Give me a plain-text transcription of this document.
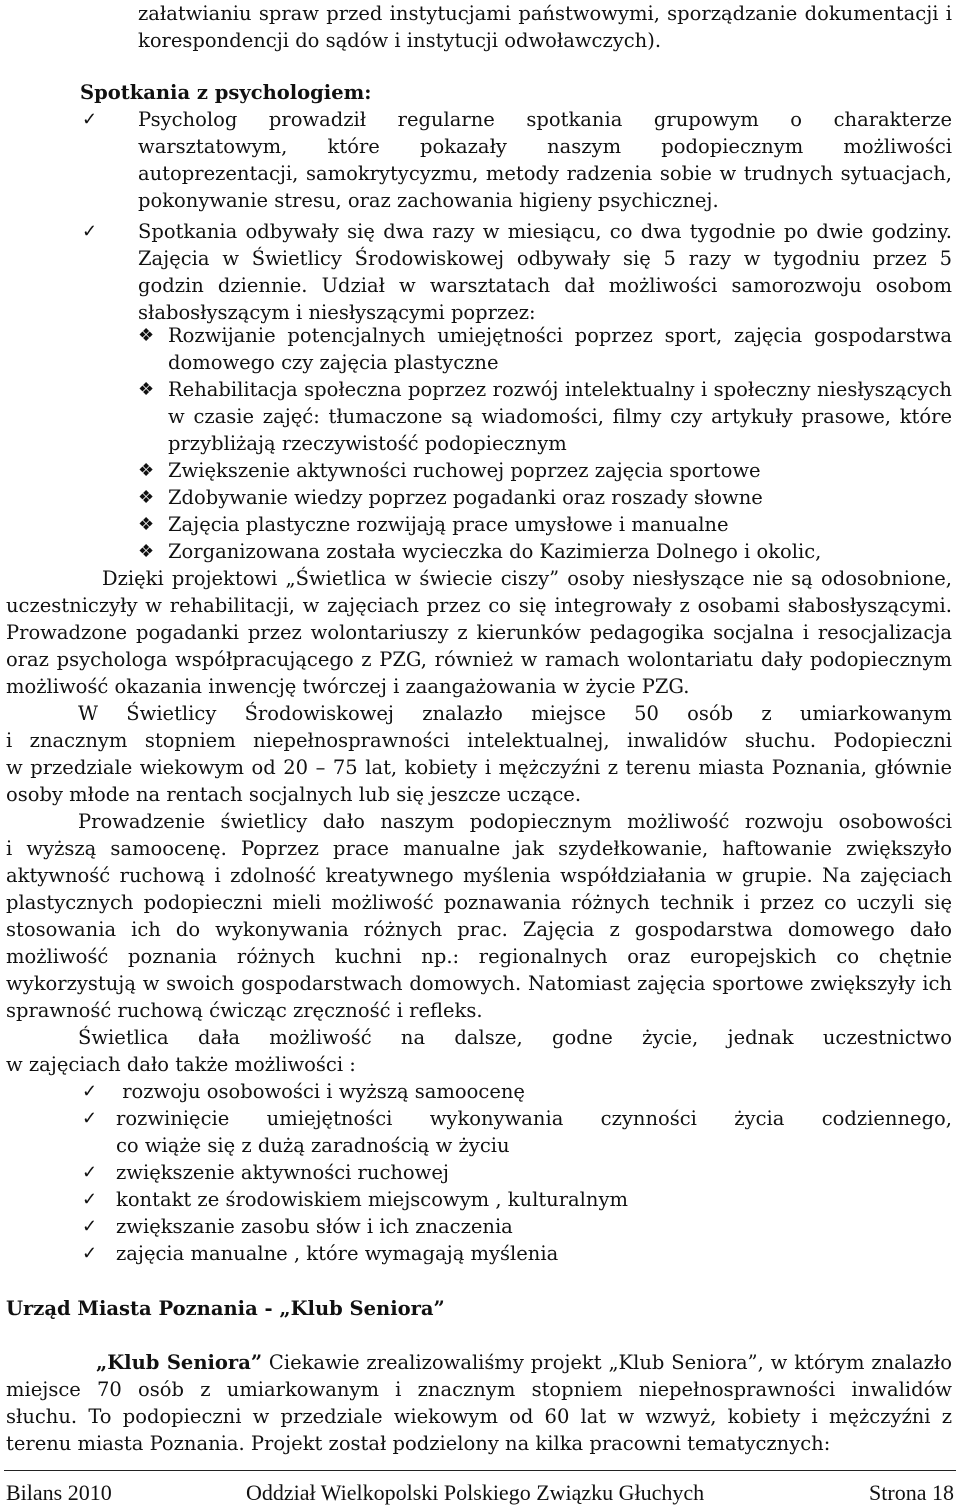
załatwianiu spraw przed instytucjami państwowymi, sporządzanie dokumentacji i

korespondencji do sądów i instytucji odwoławczych).

Spotkania z psychologiem:

✓ Psycholog prowadził regularne spotkania grupowym o charakterze

warsztatowym, które pokazały naszym podopiecznym możliwości

autoprezentacji, samokrytycyzmu, metody radzenia sobie w trudnych sytuacjach,

pokonywanie stresu, oraz zachowania higieny psychicznej.

✓ Spotkania odbywały się dwa razy w miesiącu, co dwa tygodnie po dwie godziny.

Zajęcia w Świetlicy Środowiskowej odbywały się 5 razy w tygodniu przez 5

godzin dziennie. Udział w warsztatach dał możliwości samorozwoju osobom

słabosłyszącym i niesłyszącymi poprzez:

❖ Rozwijanie potencjalnych umiejętności poprzez sport, zajęcia gospodarstwa

domowego czy zajęcia plastyczne

❖ Rehabilitacja społeczna poprzez rozwój intelektualny i społeczny niesłyszących

w czasie zajęć: tłumaczone są wiadomości, filmy czy artykuły prasowe, które

przybliżają rzeczywistość podopiecznym

❖ Zwiększenie aktywności ruchowej poprzez zajęcia sportowe

❖ Zdobywanie wiedzy poprzez pogadanki oraz roszady słowne

❖ Zajęcia plastyczne rozwijają prace umysłowe i manualne

❖ Zorganizowana została wycieczka do Kazimierza Dolnego i okolic,

Dzięki projektowi „Świetlica w świecie ciszy” osoby niesłyszące nie są odosobnione,

uczestniczyły w rehabilitacji, w zajęciach przez co się integrowały z osobami słabosłyszącymi.

Prowadzone pogadanki przez wolontariuszy z kierunków pedagogika socjalna i resocjalizacja

oraz psychologa współpracującego z PZG, również w ramach wolontariatu dały podopiecznym

możliwość okazania inwencję twórczej i zaangażowania w życie PZG.

W Świetlicy Środowiskowej znalazło miejsce 50 osób z umiarkowanym

i znacznym stopniem niepełnosprawności intelektualnej, inwalidów słuchu. Podopieczni

w przedziale wiekowym od 20 – 75 lat, kobiety i mężczyźni z terenu miasta Poznania, głównie

osoby młode na rentach socjalnych lub się jeszcze uczące.

Prowadzenie świetlicy dało naszym podopiecznym możliwość rozwoju osobowości

i wyższą samoocenę. Poprzez prace manualne jak szydełkowanie, haftowanie zwiększyło

aktywność ruchową i zdolność kreatywnego myślenia współdziałania w grupie. Na zajęciach

plastycznych podopieczni mieli możliwość poznawania różnych technik i przez co uczyli się

stosowania ich do wykonywania różnych prac. Zajęcia z gospodarstwa domowego dało

możliwość poznania różnych kuchni np.: regionalnych oraz europejskich co chętnie

wykorzystują w swoich gospodarstwach domowych. Natomiast zajęcia sportowe zwiększyły ich

sprawność ruchową ćwicząc zręczność i refleks.

Świetlica dała możliwość na dalsze, godne życie, jednak uczestnictwo

w zajęciach dało także możliwości :

✓ rozwoju osobowości i wyższą samoocenę

✓ rozwinięcie umiejętności wykonywania czynności życia codziennego,

co wiąże się z dużą zaradnością w życiu

✓ zwiększenie aktywności ruchowej

✓ kontakt ze środowiskiem miejscowym , kulturalnym

✓ zwiększanie zasobu słów i ich znaczenia

✓ zajęcia manualne , które wymagają myślenia

Urząd Miasta Poznania - „Klub Seniora”

„Klub Seniora” Ciekawie zrealizowaliśmy projekt „Klub Seniora”, w którym znalazło

miejsce 70 osób z umiarkowanym i znacznym stopniem niepełnosprawności inwalidów

słuchu. To podopieczni w przedziale wiekowym od 60 lat w wzwyż, kobiety i mężczyźni z

terenu miasta Poznania. Projekt został podzielony na kilka pracowni tematycznych:

Bilans 2010	Oddział Wielkopolski Polskiego Związku Głuchych	Strona 18
